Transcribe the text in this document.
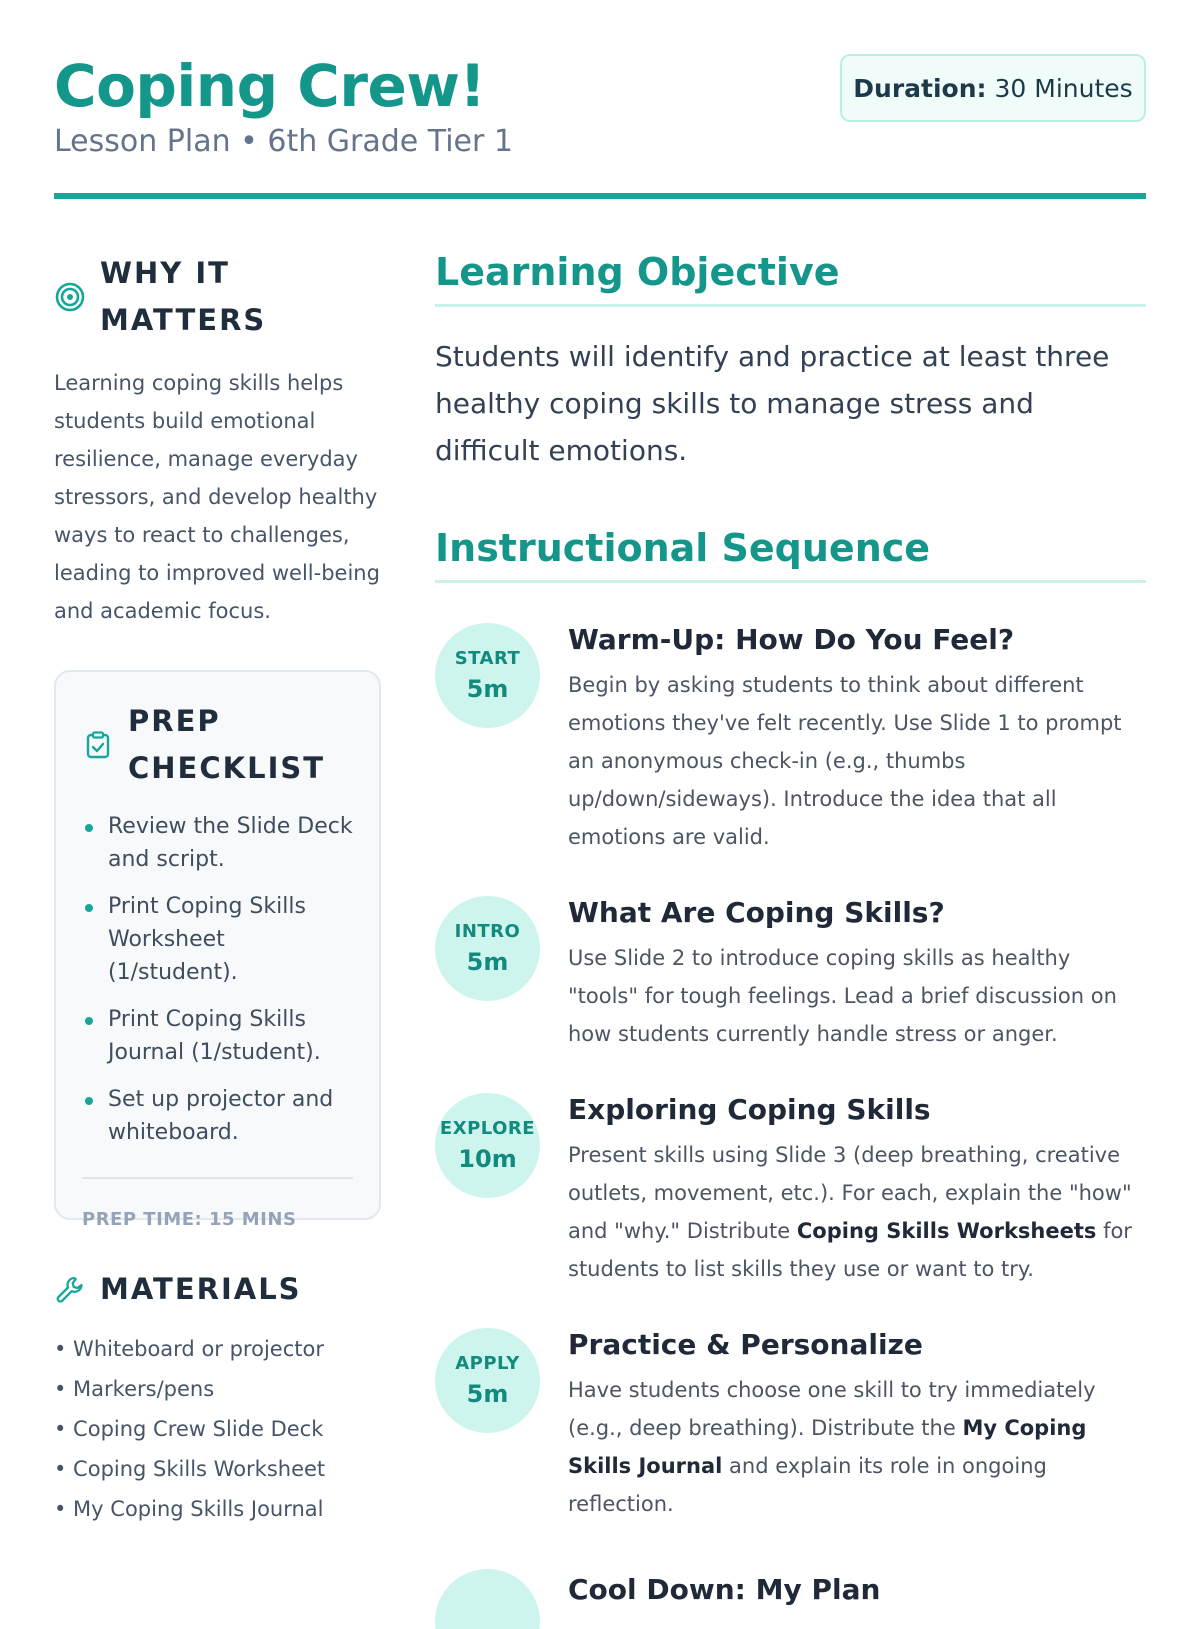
Coping Crew!
Lesson Plan • 6th Grade Tier 1
Duration: 30 Minutes
WHY IT MATTERS

Learning coping skills helps students build emotional resilience, manage everyday stressors, and develop healthy ways to react to challenges, leading to improved well-being and academic focus.

PREP CHECKLIST
Review the Slide Deck and script.
Print Coping Skills Worksheet (1/student).
Print Coping Skills Journal (1/student).
Set up projector and whiteboard.
PREP TIME: 15 MINS
MATERIALS
• Whiteboard or projector
• Markers/pens
• Coping Crew Slide Deck
• Coping Skills Worksheet
• My Coping Skills Journal
Learning Objective

Students will identify and practice at least three healthy coping skills to manage stress and difficult emotions.

Instructional Sequence
START
5m
Warm-Up: How Do You Feel?

Begin by asking students to think about different emotions they've felt recently. Use Slide 1 to prompt an anonymous check-in (e.g., thumbs up/down/sideways). Introduce the idea that all emotions are valid.

INTRO
5m
What Are Coping Skills?

Use Slide 2 to introduce coping skills as healthy "tools" for tough feelings. Lead a brief discussion on how students currently handle stress or anger.

EXPLORE
10m
Exploring Coping Skills

Present skills using Slide 3 (deep breathing, creative outlets, movement, etc.). For each, explain the "how" and "why." Distribute Coping Skills Worksheets for students to list skills they use or want to try.

APPLY
5m
Practice & Personalize

Have students choose one skill to try immediately (e.g., deep breathing). Distribute the My Coping Skills Journal and explain its role in ongoing reflection.

Cool Down: My Plan
